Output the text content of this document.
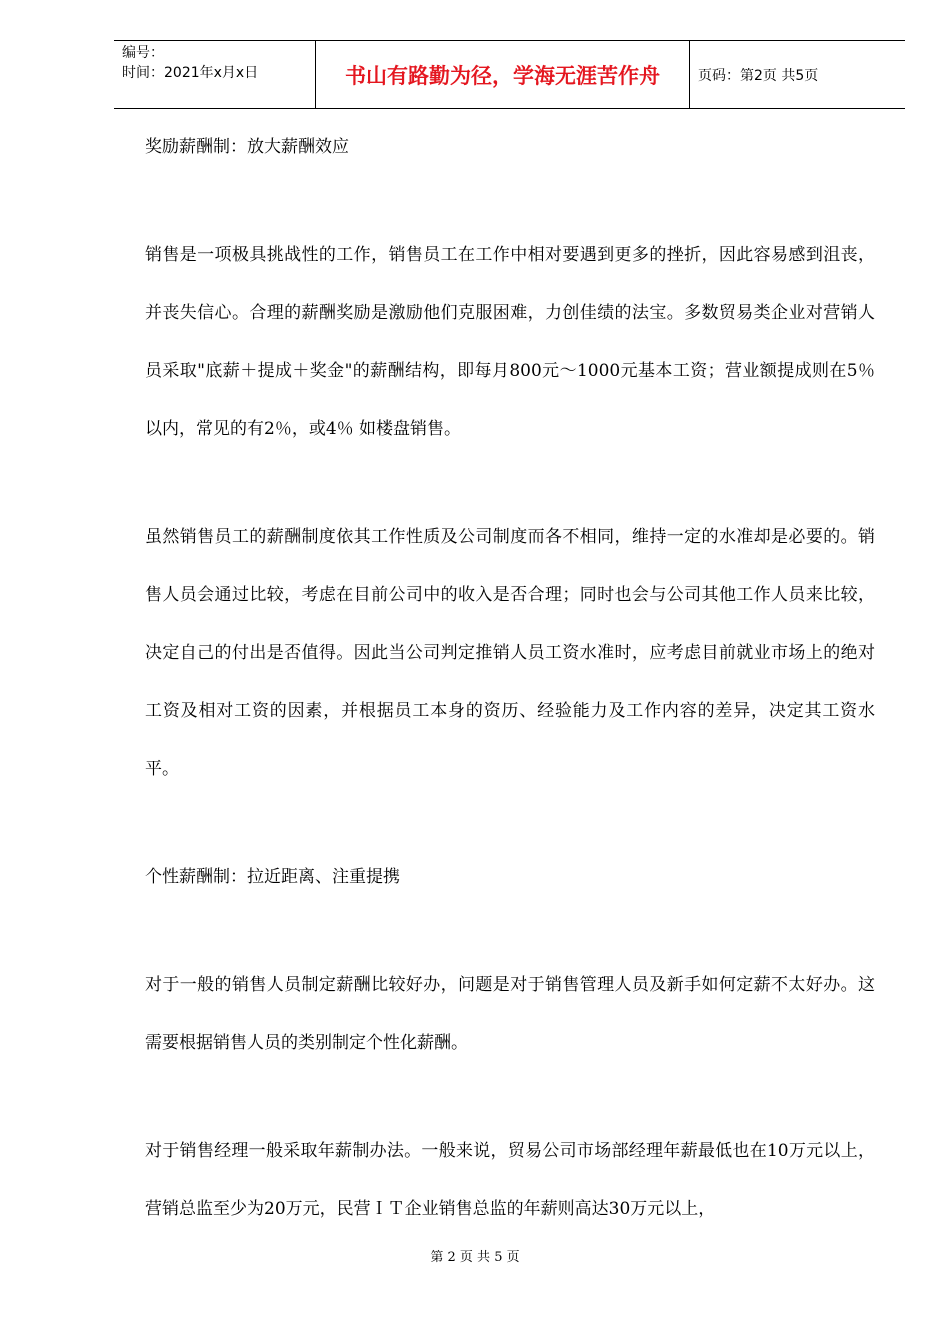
编号：
时间：2021年x月x日	书山有路勤为径，学海无涯苦作舟	页码：第2页 共5页
奖励薪酬制：放大薪酬效应
销售是一项极具挑战性的工作，销售员工在工作中相对要遇到更多的挫折，因此容易感到沮丧，并丧失信心。合理的薪酬奖励是激励他们克服困难，力创佳绩的法宝。多数贸易类企业对营销人员采取"底薪＋提成＋奖金"的薪酬结构，即每月800元～1000元基本工资；营业额提成则在5％以内，常见的有2％，或4％ 如楼盘销售。
虽然销售员工的薪酬制度依其工作性质及公司制度而各不相同，维持一定的水准却是必要的。销售人员会通过比较，考虑在目前公司中的收入是否合理；同时也会与公司其他工作人员来比较，决定自己的付出是否值得。因此当公司判定推销人员工资水准时，应考虑目前就业市场上的绝对工资及相对工资的因素，并根据员工本身的资历、经验能力及工作内容的差异，决定其工资水平。
个性薪酬制：拉近距离、注重提携
对于一般的销售人员制定薪酬比较好办，问题是对于销售管理人员及新手如何定薪不太好办。这需要根据销售人员的类别制定个性化薪酬。
对于销售经理一般采取年薪制办法。一般来说，贸易公司市场部经理年薪最低也在10万元以上，营销总监至少为20万元，民营ＩＴ企业销售总监的年薪则高达30万元以上，
第 2 页 共 5 页
